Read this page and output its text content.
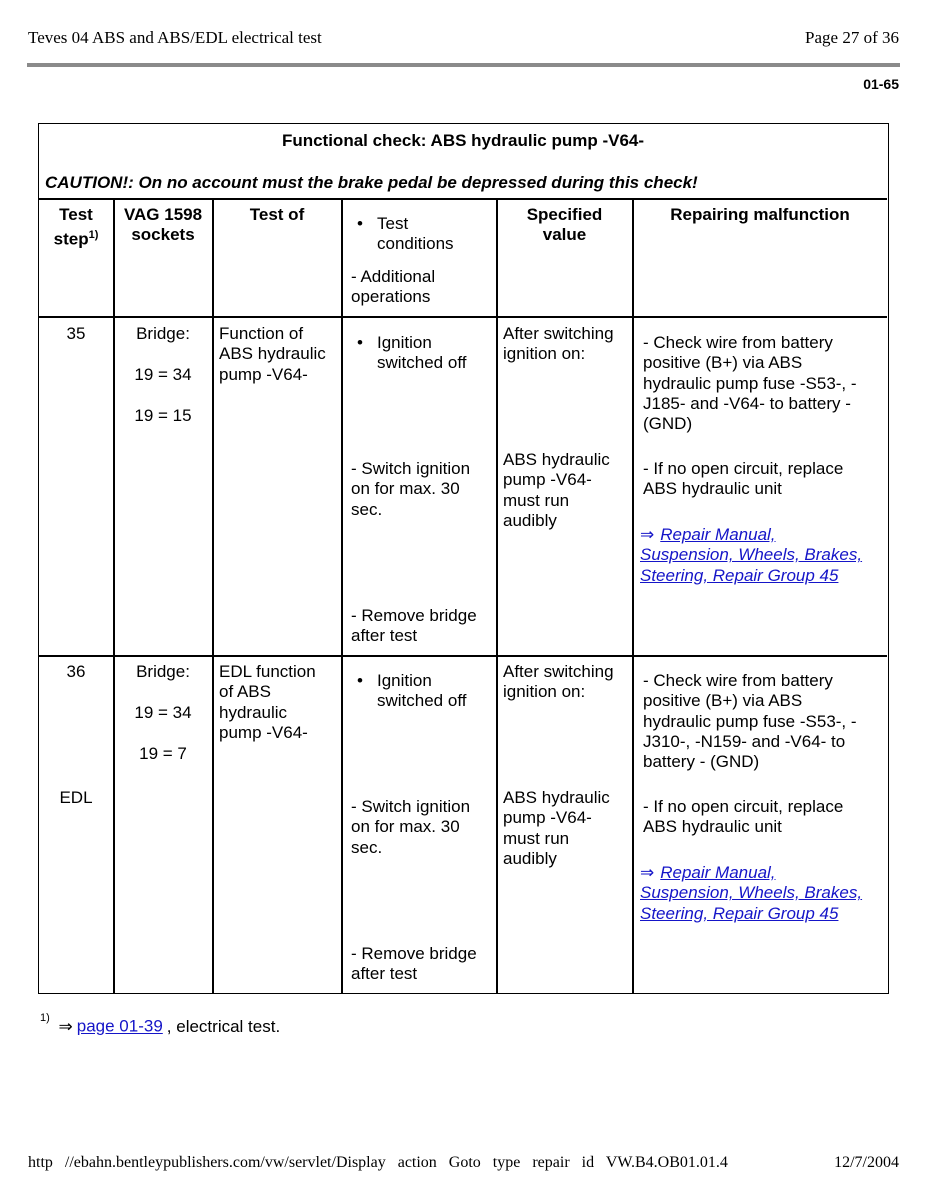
Teves 04 ABS and ABS/EDL electrical test	Page 27 of 36
01-65
Functional check: ABS hydraulic pump -V64-
CAUTION!: On no account must the brake pedal be depressed during this check!
Test
step$^{1)}$
VAG 1598
sockets
Test of
•	Test
conditions
- Additional
operations
Specified
value
Repairing malfunction
35	Bridge:
19 = 34
19 = 15
Function of
ABS hydraulic
pump -V64-
• Ignition
switched off
- Switch ignition
on for max. 30
sec.
- Remove bridge
after test
After switching
ignition on:
ABS hydraulic
pump -V64-
must run
audibly
- Check wire from battery
positive (B+) via ABS
hydraulic pump fuse -S53-, -
J185- and -V64- to battery -
(GND)
- If no open circuit, replace
ABS hydraulic unit
⇒ Repair Manual,
Suspension, Wheels, Brakes,
Steering, Repair Group 45
36
EDL
Bridge:
19 = 34
19 = 7
EDL function
of ABS
hydraulic
pump -V64-
• Ignition
switched off
- Switch ignition
on for max. 30
sec.
- Remove bridge
after test
After switching
ignition on:
ABS hydraulic
pump -V64-
must run
audibly
- Check wire from battery
positive (B+) via ABS
hydraulic pump fuse -S53-, -
J310-, -N159- and -V64- to
battery - (GND)
- If no open circuit, replace
ABS hydraulic unit
⇒ Repair Manual,
Suspension, Wheels, Brakes,
Steering, Repair Group 45
$^{1)}$ ⇒ page 01-39 , electrical test.
http //ebahn.bentleypublishers.com/vw/servlet/Display action Goto type repair id VW.B4.OB01.01.4	12/7/2004
